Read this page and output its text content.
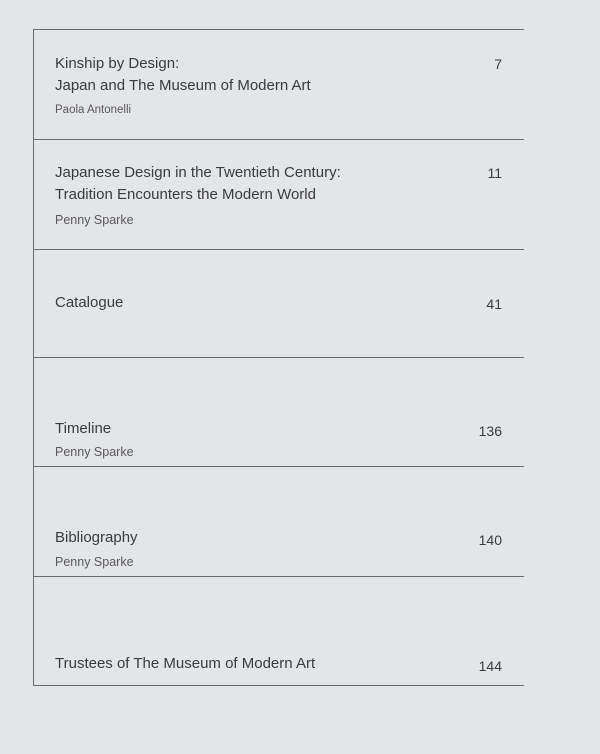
Kinship by Design:
Japan and The Museum of Modern Art
Paola Antonelli
7
Japanese Design in the Twentieth Century:
Tradition Encounters the Modern World
Penny Sparke
11
Catalogue	41
Timeline
Penny Sparke
136
Bibliography
Penny Sparke
140
Trustees of The Museum of Modern Art	144
